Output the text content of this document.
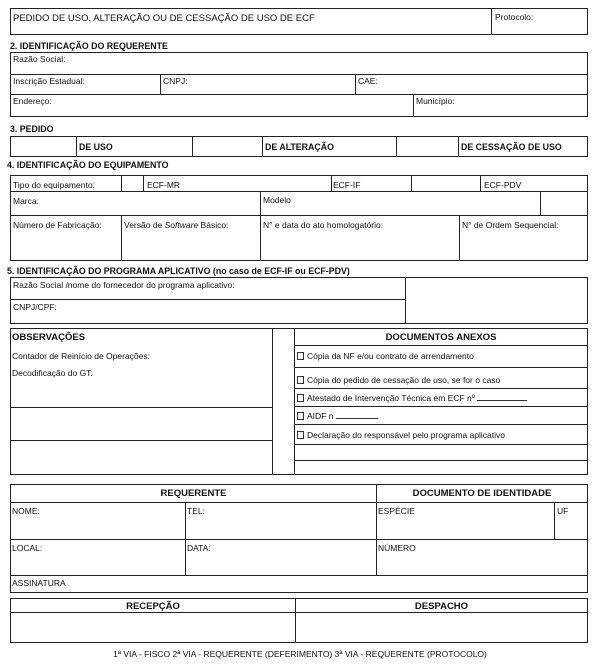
PEDIDO DE USO, ALTERAÇÃO OU DE CESSAÇÃO DE USO DE ECF	Protocolo:
2. IDENTIFICAÇÃO DO REQUERENTE
Razão Social:
Inscrição Estadual:	CNPJ:	CAE:
Endereço:	Município:
3. PEDIDO
DE USO	DE ALTERAÇÃO	DE CESSAÇÃO DE USO
4. IDENTIFICAÇÃO DO EQUIPAMENTO
Tipo do equipamento:	ECF-MR	ECF-IF	ECF-PDV
Marca:	Modelo
Número de Fabricação:	Versão de Software Básico:	N° e data do ato homologatório:	N° de Ordem Sequencial:
5. IDENTIFICAÇÃO DO PROGRAMA APLICATIVO (no caso de ECF-IF ou ECF-PDV)
Razão Social /nome do fornecedor do programa aplicativo:
CNPJ/CPF:
OBSERVAÇÕES
Contador de Reinício de Operações:
Decodificação do GT:
DOCUMENTOS ANEXOS
Cópia da NF e/ou contrato de arrendamento
Cópia do pedido de cessação de uso, se for o caso
Atestado de Intervenção Técnica em ECF nº
AIDF n
Declaração do responsável pelo programa aplicativo
REQUERENTE	DOCUMENTO DE IDENTIDADE
NOME:	TEL:	ESPÉCIE	UF
LOCAL:	DATA:	NÚMERO
ASSINATURA
RECEPÇÃO	DESPACHO
1ª VIA - FISCO 2ª VIA - REQUERENTE (DEFERIMENTO) 3ª VIA - REQUERENTE (PROTOCOLO)
